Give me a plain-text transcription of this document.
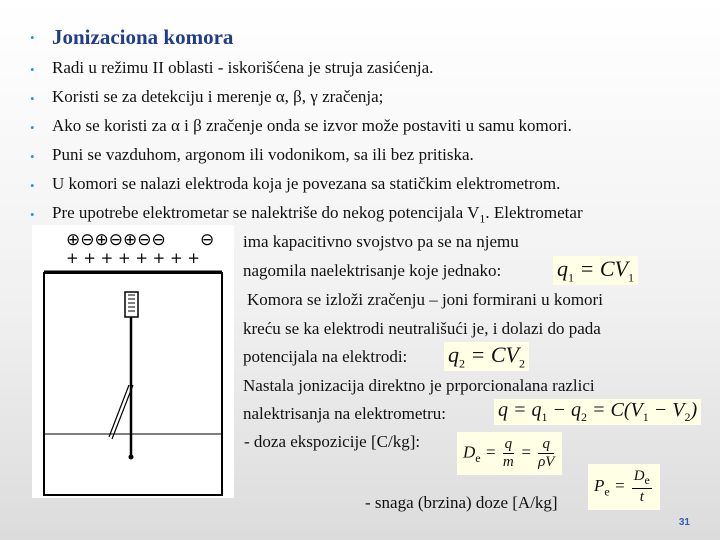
• Jonizaciona komora
•	Radi u režimu II oblasti - iskorišćena je struja zasićenja.
•	Koristi se za detekciju i merenje α, β, γ zračenja;
•	Ako se koristi za α i β zračenje onda se izvor može postaviti u samu komori.
•	Puni se vazduhom, argonom ili vodonikom, sa ili bez pritiska.
•	U komori se nalazi elektroda koja je povezana sa statičkim elektrometrom.
•	Pre upotrebe elektrometar se nalektriše do nekog potencijala $V_1$. Elektrometar
ima kapacitivno svojstvo pa se na njemu
nagomila naelektrisanje koje jednako:
Komora se izloži zračenju – joni formirani u komori
kreću se ka elektrodi neutrališući je, i dolazi do pada
potencijala na elektrodi:
Nastala jonizacija direktno je prporcionalana razlici
nalektrisanja na elektrometru:
- doza ekspozicije [C/kg]:
- snaga (brzina) doze [A/kg]
$q_1 = CV_1$
$q_2 = CV_2$
$q = q_1 - q_2 = C(V_1 - V_2)$
$D_e = \frac{q}{m} = \frac{q}{\rho V}$
$P_e = \frac{D_e}{t}$
⊕⊖⊕⊖⊕⊖⊖ ⊖
+ + + + + + + +
31
